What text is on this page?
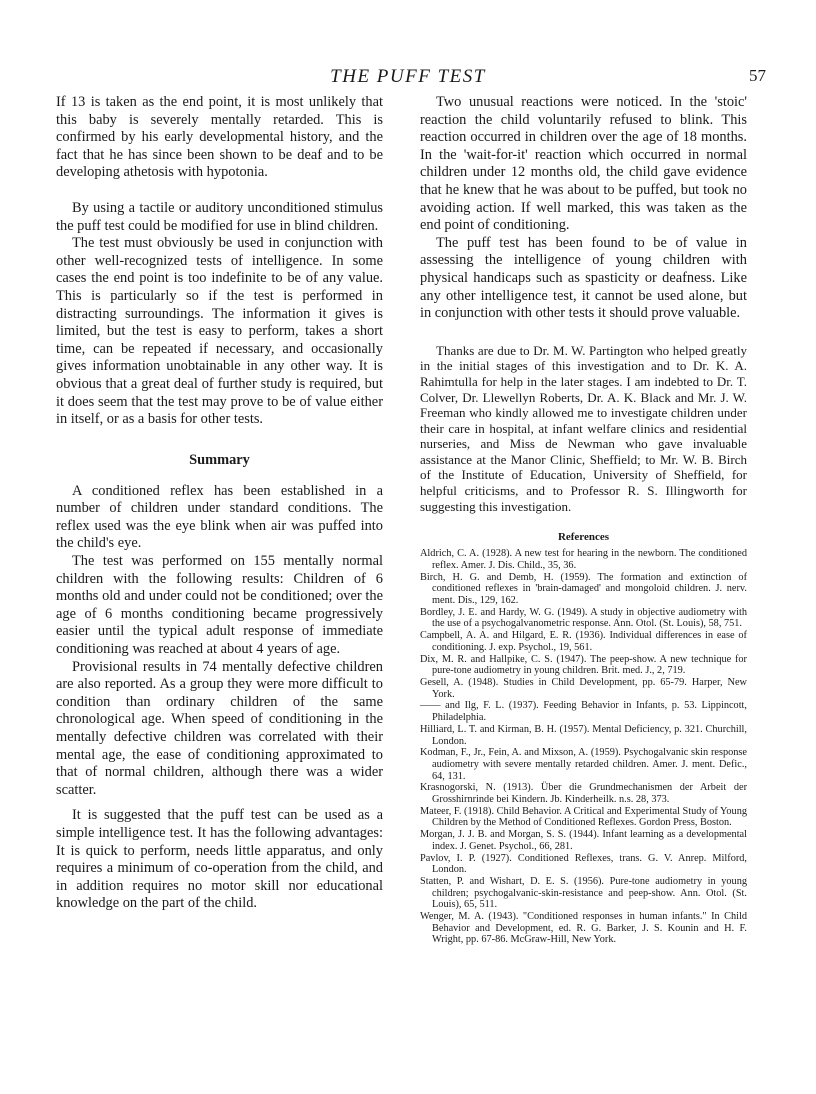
THE PUFF TEST	57

If 13 is taken as the end point, it is most unlikely that this baby is severely mentally retarded. This is confirmed by his early developmental history, and the fact that he has since been shown to be deaf and to be developing athetosis with hypotonia.

By using a tactile or auditory unconditioned stimulus the puff test could be modified for use in blind children.

The test must obviously be used in conjunction with other well-recognized tests of intelligence. In some cases the end point is too indefinite to be of any value. This is particularly so if the test is performed in distracting surroundings. The information it gives is limited, but the test is easy to perform, takes a short time, can be repeated if necessary, and occasionally gives information unobtainable in any other way. It is obvious that a great deal of further study is required, but it does seem that the test may prove to be of value either in itself, or as a basis for other tests.

Summary

A conditioned reflex has been established in a number of children under standard conditions. The reflex used was the eye blink when air was puffed into the child's eye.

The test was performed on 155 mentally normal children with the following results: Children of 6 months old and under could not be conditioned; over the age of 6 months conditioning became progressively easier until the typical adult response of immediate conditioning was reached at about 4 years of age.

Provisional results in 74 mentally defective children are also reported. As a group they were more difficult to condition than ordinary children of the same chronological age. When speed of conditioning in the mentally defective children was correlated with their mental age, the ease of conditioning approximated to that of normal children, although there was a wider scatter.

It is suggested that the puff test can be used as a simple intelligence test. It has the following advantages: It is quick to perform, needs little apparatus, and only requires a minimum of co-operation from the child, and in addition requires no motor skill nor educational knowledge on the part of the child.

Two unusual reactions were noticed. In the 'stoic' reaction the child voluntarily refused to blink. This reaction occurred in children over the age of 18 months. In the 'wait-for-it' reaction which occurred in normal children under 12 months old, the child gave evidence that he knew that he was about to be puffed, but took no avoiding action. If well marked, this was taken as the end point of conditioning.

The puff test has been found to be of value in assessing the intelligence of young children with physical handicaps such as spasticity or deafness. Like any other intelligence test, it cannot be used alone, but in conjunction with other tests it should prove valuable.

Thanks are due to Dr. M. W. Partington who helped greatly in the initial stages of this investigation and to Dr. K. A. Rahimtulla for help in the later stages. I am indebted to Dr. T. Colver, Dr. Llewellyn Roberts, Dr. A. K. Black and Mr. J. W. Freeman who kindly allowed me to investigate children under their care in hospital, at infant welfare clinics and residential nurseries, and Miss de Newman who gave invaluable assistance at the Manor Clinic, Sheffield; to Mr. W. B. Birch of the Institute of Education, University of Sheffield, for helpful criticisms, and to Professor R. S. Illingworth for suggesting this investigation.

References

Aldrich, C. A. (1928). A new test for hearing in the newborn. The conditioned reflex. Amer. J. Dis. Child., 35, 36.

Birch, H. G. and Demb, H. (1959). The formation and extinction of conditioned reflexes in 'brain-damaged' and mongoloid children. J. nerv. ment. Dis., 129, 162.

Bordley, J. E. and Hardy, W. G. (1949). A study in objective audiometry with the use of a psychogalvanometric response. Ann. Otol. (St. Louis), 58, 751.

Campbell, A. A. and Hilgard, E. R. (1936). Individual differences in ease of conditioning. J. exp. Psychol., 19, 561.

Dix, M. R. and Hallpike, C. S. (1947). The peep-show. A new technique for pure-tone audiometry in young children. Brit. med. J., 2, 719.

Gesell, A. (1948). Studies in Child Development, pp. 65-79. Harper, New York.

—— and Ilg, F. L. (1937). Feeding Behavior in Infants, p. 53. Lippincott, Philadelphia.

Hilliard, L. T. and Kirman, B. H. (1957). Mental Deficiency, p. 321. Churchill, London.

Kodman, F., Jr., Fein, A. and Mixson, A. (1959). Psychogalvanic skin response audiometry with severe mentally retarded children. Amer. J. ment. Defic., 64, 131.

Krasnogorski, N. (1913). Über die Grundmechanismen der Arbeit der Grosshirnrinde bei Kindern. Jb. Kinderheilk. n.s. 28, 373.

Mateer, F. (1918). Child Behavior. A Critical and Experimental Study of Young Children by the Method of Conditioned Reflexes. Gordon Press, Boston.

Morgan, J. J. B. and Morgan, S. S. (1944). Infant learning as a developmental index. J. Genet. Psychol., 66, 281.

Pavlov, I. P. (1927). Conditioned Reflexes, trans. G. V. Anrep. Milford, London.

Statten, P. and Wishart, D. E. S. (1956). Pure-tone audiometry in young children; psychogalvanic-skin-resistance and peep-show. Ann. Otol. (St. Louis), 65, 511.

Wenger, M. A. (1943). "Conditioned responses in human infants." In Child Behavior and Development, ed. R. G. Barker, J. S. Kounin and H. F. Wright, pp. 67-86. McGraw-Hill, New York.
